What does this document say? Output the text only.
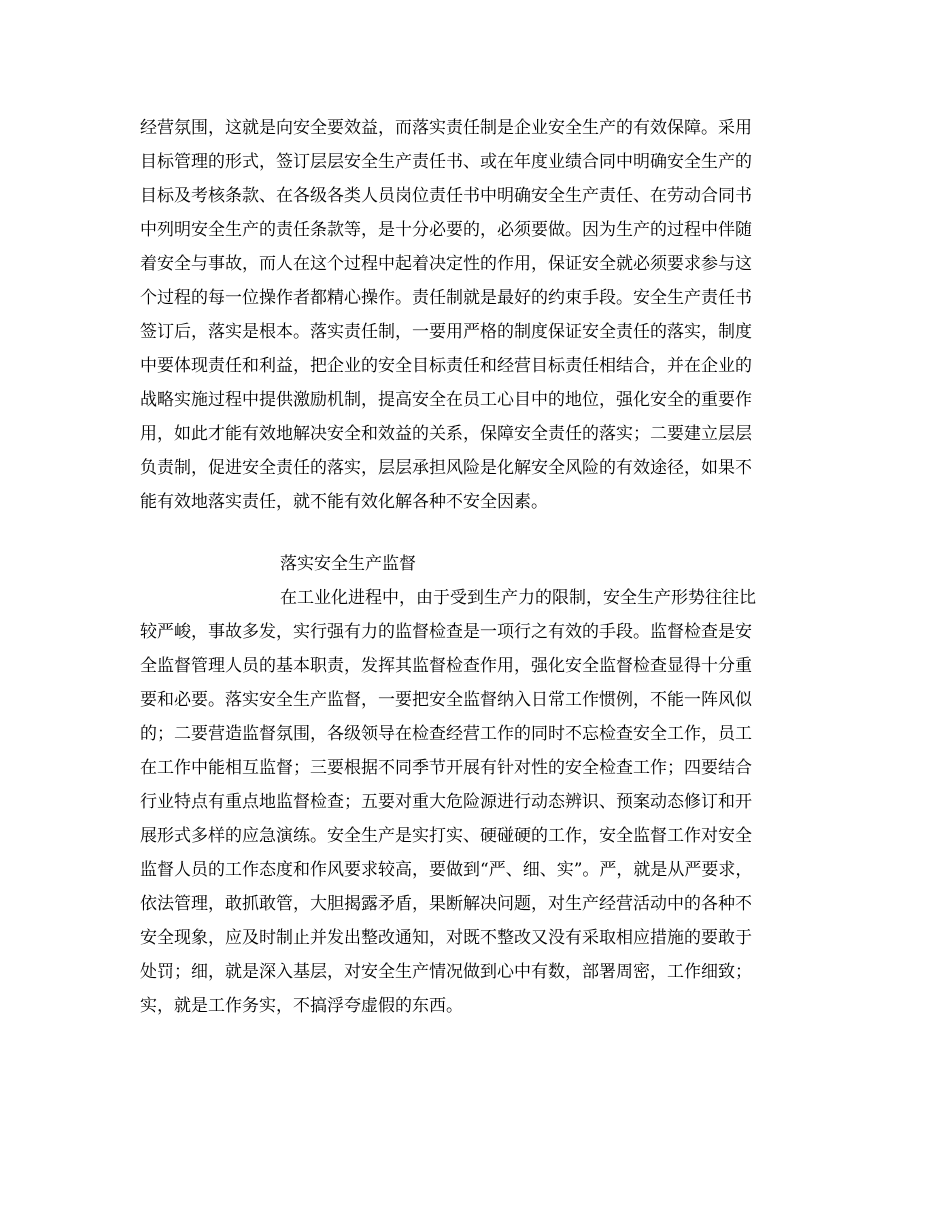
经营氛围，这就是向安全要效益，而落实责任制是企业安全生产的有效保障。采用
目标管理的形式，签订层层安全生产责任书、或在年度业绩合同中明确安全生产的
目标及考核条款、在各级各类人员岗位责任书中明确安全生产责任、在劳动合同书
中列明安全生产的责任条款等，是十分必要的，必须要做。因为生产的过程中伴随
着安全与事故，而人在这个过程中起着决定性的作用，保证安全就必须要求参与这
个过程的每一位操作者都精心操作。责任制就是最好的约束手段。安全生产责任书
签订后，落实是根本。落实责任制，一要用严格的制度保证安全责任的落实，制度
中要体现责任和利益，把企业的安全目标责任和经营目标责任相结合，并在企业的
战略实施过程中提供激励机制，提高安全在员工心目中的地位，强化安全的重要作
用，如此才能有效地解决安全和效益的关系，保障安全责任的落实；二要建立层层
负责制，促进安全责任的落实，层层承担风险是化解安全风险的有效途径，如果不
能有效地落实责任，就不能有效化解各种不安全因素。
落实安全生产监督
在工业化进程中，由于受到生产力的限制，安全生产形势往往比
较严峻，事故多发，实行强有力的监督检查是一项行之有效的手段。监督检查是安
全监督管理人员的基本职责，发挥其监督检查作用，强化安全监督检查显得十分重
要和必要。落实安全生产监督，一要把安全监督纳入日常工作惯例，不能一阵风似
的；二要营造监督氛围，各级领导在检查经营工作的同时不忘检查安全工作，员工
在工作中能相互监督；三要根据不同季节开展有针对性的安全检查工作；四要结合
行业特点有重点地监督检查；五要对重大危险源进行动态辨识、预案动态修订和开
展形式多样的应急演练。安全生产是实打实、硬碰硬的工作，安全监督工作对安全
监督人员的工作态度和作风要求较高，要做到“严、细、实”。严，就是从严要求，
依法管理，敢抓敢管，大胆揭露矛盾，果断解决问题，对生产经营活动中的各种不
安全现象，应及时制止并发出整改通知，对既不整改又没有采取相应措施的要敢于
处罚；细，就是深入基层，对安全生产情况做到心中有数，部署周密，工作细致；
实，就是工作务实，不搞浮夸虚假的东西。
